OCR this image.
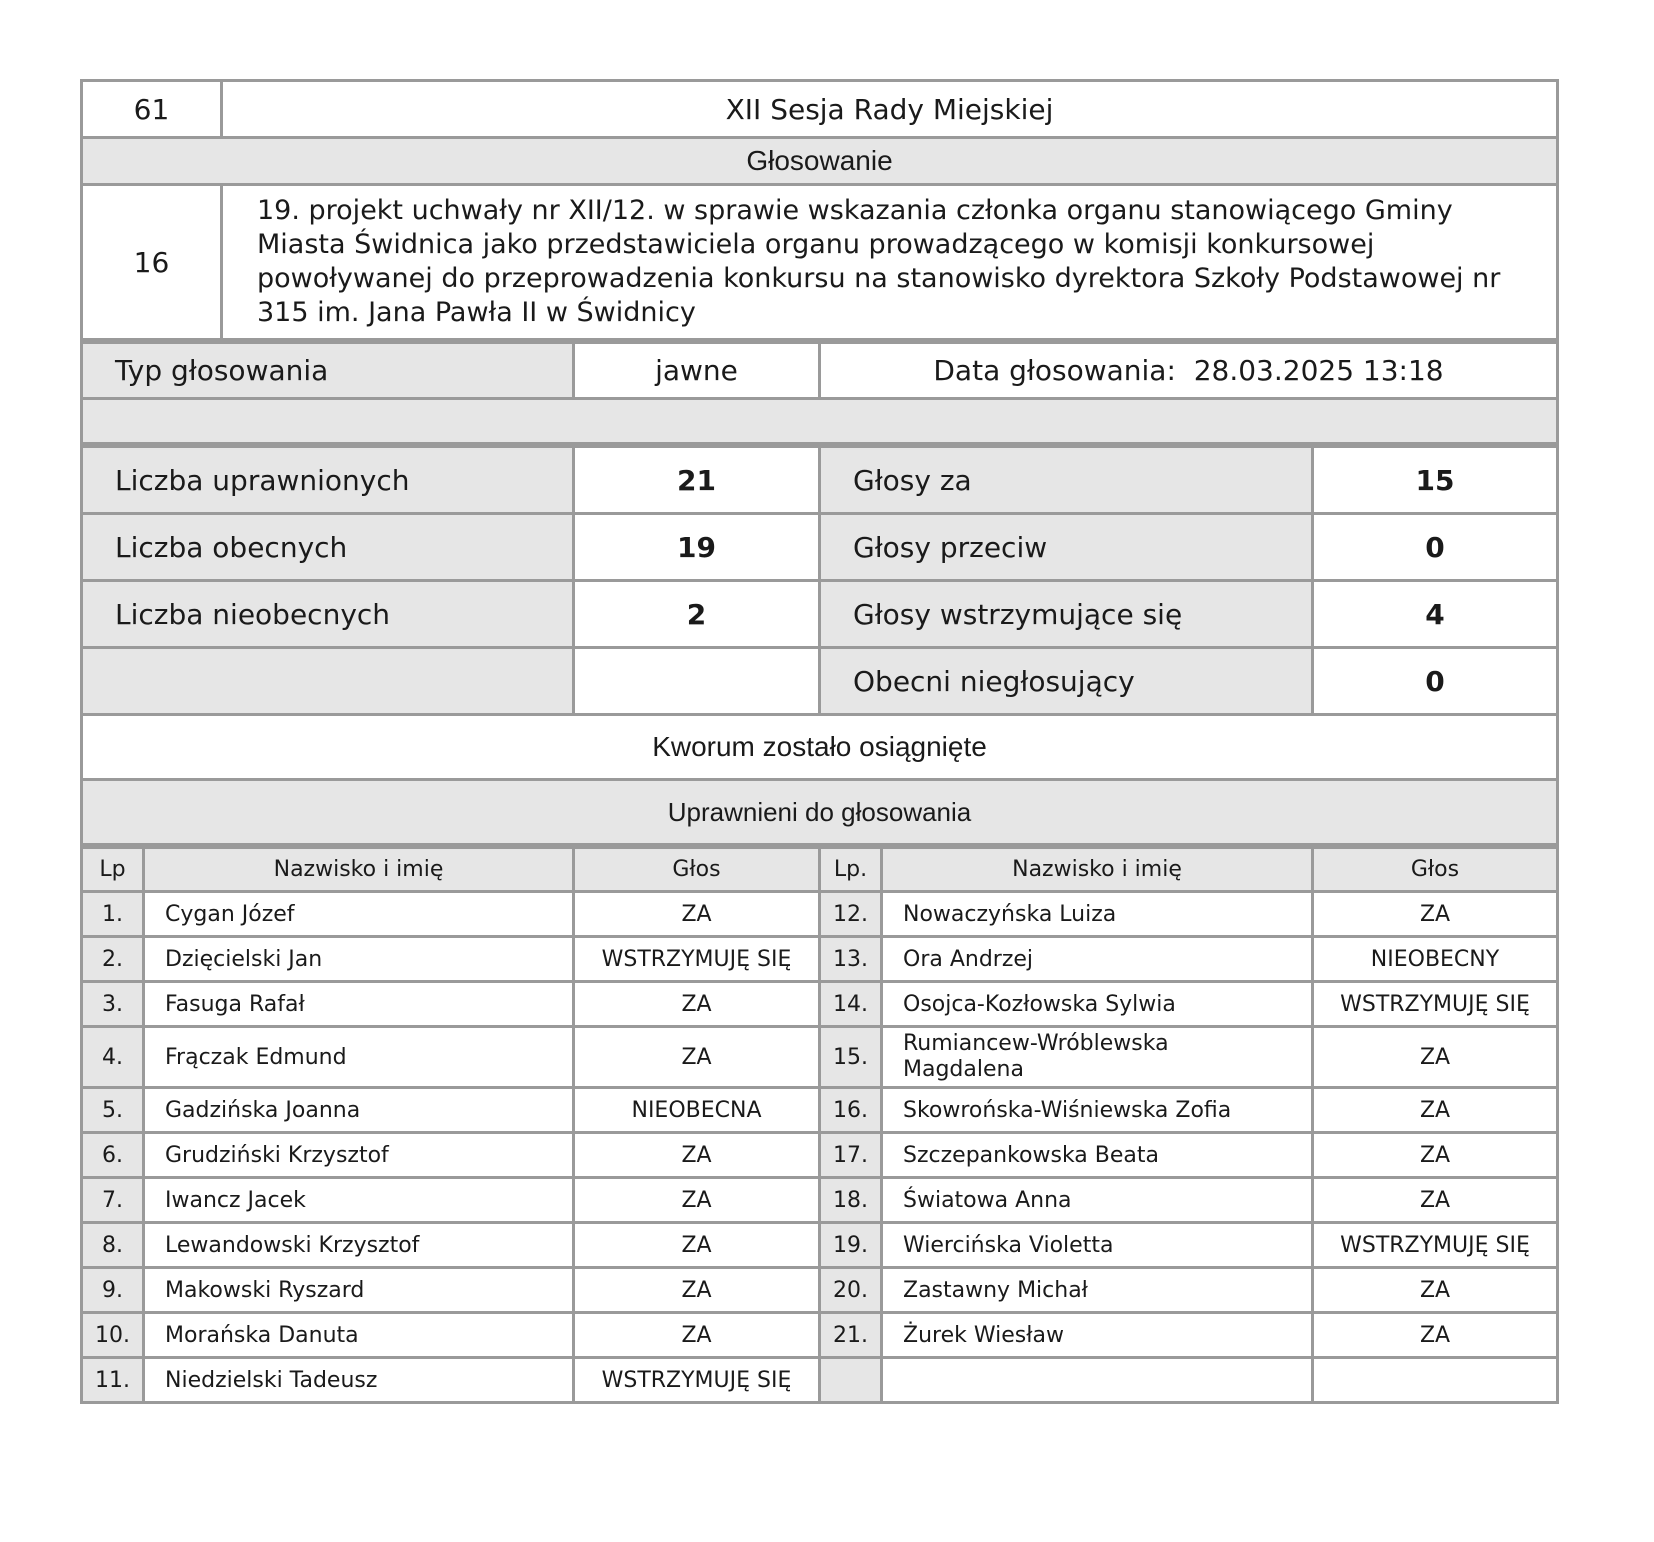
61	XII Sesja Rady Miejskiej
Głosowanie	
16	19. projekt uchwały nr XII/12. w sprawie wskazania członka organu stanowiącego Gminy Miasta Świdnica jako przedstawiciela organu prowadzącego w komisji konkursowej powoływanej do przeprowadzenia konkursu na stanowisko dyrektora Szkoły Podstawowej nr 315 im. Jana Pawła II w Świdnicy
Typ głosowania	jawne	Data głosowania: 28.03.2025 13:18

Liczba uprawnionych	21	Głosy za	15
Liczba obecnych	19	Głosy przeciw	0
Liczba nieobecnych	2	Głosy wstrzymujące się	4
		Obecni niegłosujący	0
Kworum zostało osiągnięte			
Uprawnieni do głosowania			
Lp	Nazwisko i imię	Głos	Lp.	Nazwisko i imię	Głos
1.	Cygan Józef	ZA	12.	Nowaczyńska Luiza	ZA
2.	Dzięcielski Jan	WSTRZYMUJĘ SIĘ	13.	Ora Andrzej	NIEOBECNY
3.	Fasuga Rafał	ZA	14.	Osojca-Kozłowska Sylwia	WSTRZYMUJĘ SIĘ
4.	Frączak Edmund	ZA	15.	Rumiancew-Wróblewska Magdalena	ZA
5.	Gadzińska Joanna	NIEOBECNA	16.	Skowrońska-Wiśniewska Zofia	ZA
6.	Grudziński Krzysztof	ZA	17.	Szczepankowska Beata	ZA
7.	Iwancz Jacek	ZA	18.	Światowa Anna	ZA
8.	Lewandowski Krzysztof	ZA	19.	Wiercińska Violetta	WSTRZYMUJĘ SIĘ
9.	Makowski Ryszard	ZA	20.	Zastawny Michał	ZA
10.	Morańska Danuta	ZA	21.	Żurek Wiesław	ZA
11.	Niedzielski Tadeusz	WSTRZYMUJĘ SIĘ			
